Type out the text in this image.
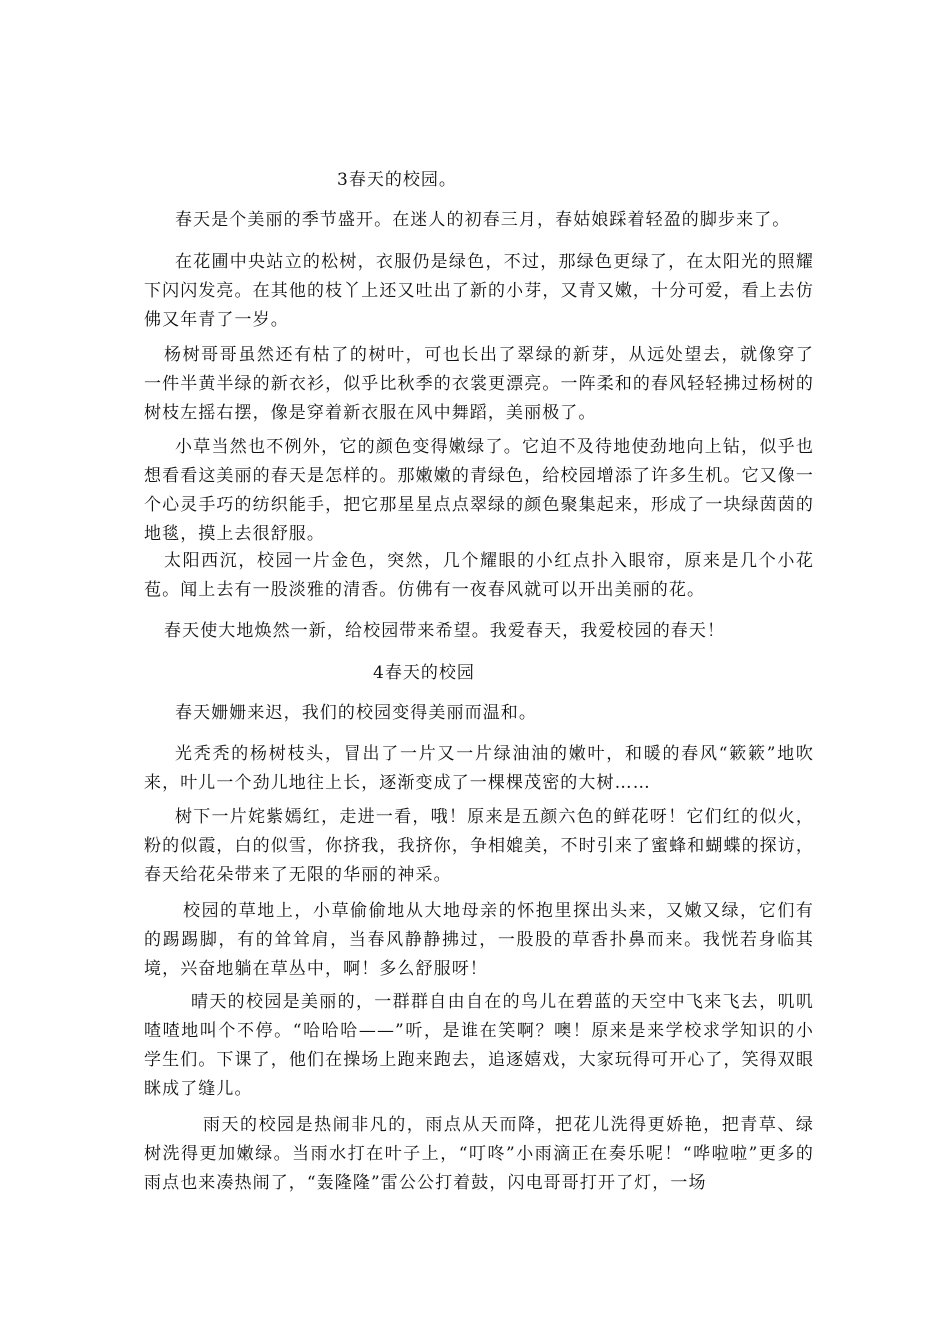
3春天的校园。

春天是个美丽的季节盛开。在迷人的初春三月，春姑娘踩着轻盈的脚步来了。

在花圃中央站立的松树，衣服仍是绿色，不过，那绿色更绿了，在太阳光的照耀下闪闪发亮。在其他的枝丫上还又吐出了新的小芽，又青又嫩，十分可爱，看上去仿佛又年青了一岁。

杨树哥哥虽然还有枯了的树叶，可也长出了翠绿的新芽，从远处望去，就像穿了一件半黄半绿的新衣衫，似乎比秋季的衣裳更漂亮。一阵柔和的春风轻轻拂过杨树的树枝左摇右摆，像是穿着新衣服在风中舞蹈，美丽极了。

小草当然也不例外，它的颜色变得嫩绿了。它迫不及待地使劲地向上钻，似乎也想看看这美丽的春天是怎样的。那嫩嫩的青绿色，给校园增添了许多生机。它又像一个心灵手巧的纺织能手，把它那星星点点翠绿的颜色聚集起来，形成了一块绿茵茵的地毯，摸上去很舒服。

太阳西沉，校园一片金色，突然，几个耀眼的小红点扑入眼帘，原来是几个小花苞。闻上去有一股淡雅的清香。仿佛有一夜春风就可以开出美丽的花。

春天使大地焕然一新，给校园带来希望。我爱春天，我爱校园的春天！

4春天的校园

春天姗姗来迟，我们的校园变得美丽而温和。

光秃秃的杨树枝头，冒出了一片又一片绿油油的嫩叶，和暖的春风“簌簌”地吹来，叶儿一个劲儿地往上长，逐渐变成了一棵棵茂密的大树……

树下一片姹紫嫣红，走进一看，哦！原来是五颜六色的鲜花呀！它们红的似火，粉的似霞，白的似雪，你挤我，我挤你，争相媲美，不时引来了蜜蜂和蝴蝶的探访，春天给花朵带来了无限的华丽的神采。

校园的草地上，小草偷偷地从大地母亲的怀抱里探出头来，又嫩又绿，它们有的踢踢脚，有的耸耸肩，当春风静静拂过，一股股的草香扑鼻而来。我恍若身临其境，兴奋地躺在草丛中，啊！多么舒服呀！

晴天的校园是美丽的，一群群自由自在的鸟儿在碧蓝的天空中飞来飞去，叽叽喳喳地叫个不停。“哈哈哈——”听，是谁在笑啊？噢！原来是来学校求学知识的小学生们。下课了，他们在操场上跑来跑去，追逐嬉戏，大家玩得可开心了，笑得双眼眯成了缝儿。

雨天的校园是热闹非凡的，雨点从天而降，把花儿洗得更娇艳，把青草、绿树洗得更加嫩绿。当雨水打在叶子上，“叮咚”小雨滴正在奏乐呢！“哗啦啦”更多的雨点也来凑热闹了，“轰隆隆”雷公公打着鼓，闪电哥哥打开了灯，一场
